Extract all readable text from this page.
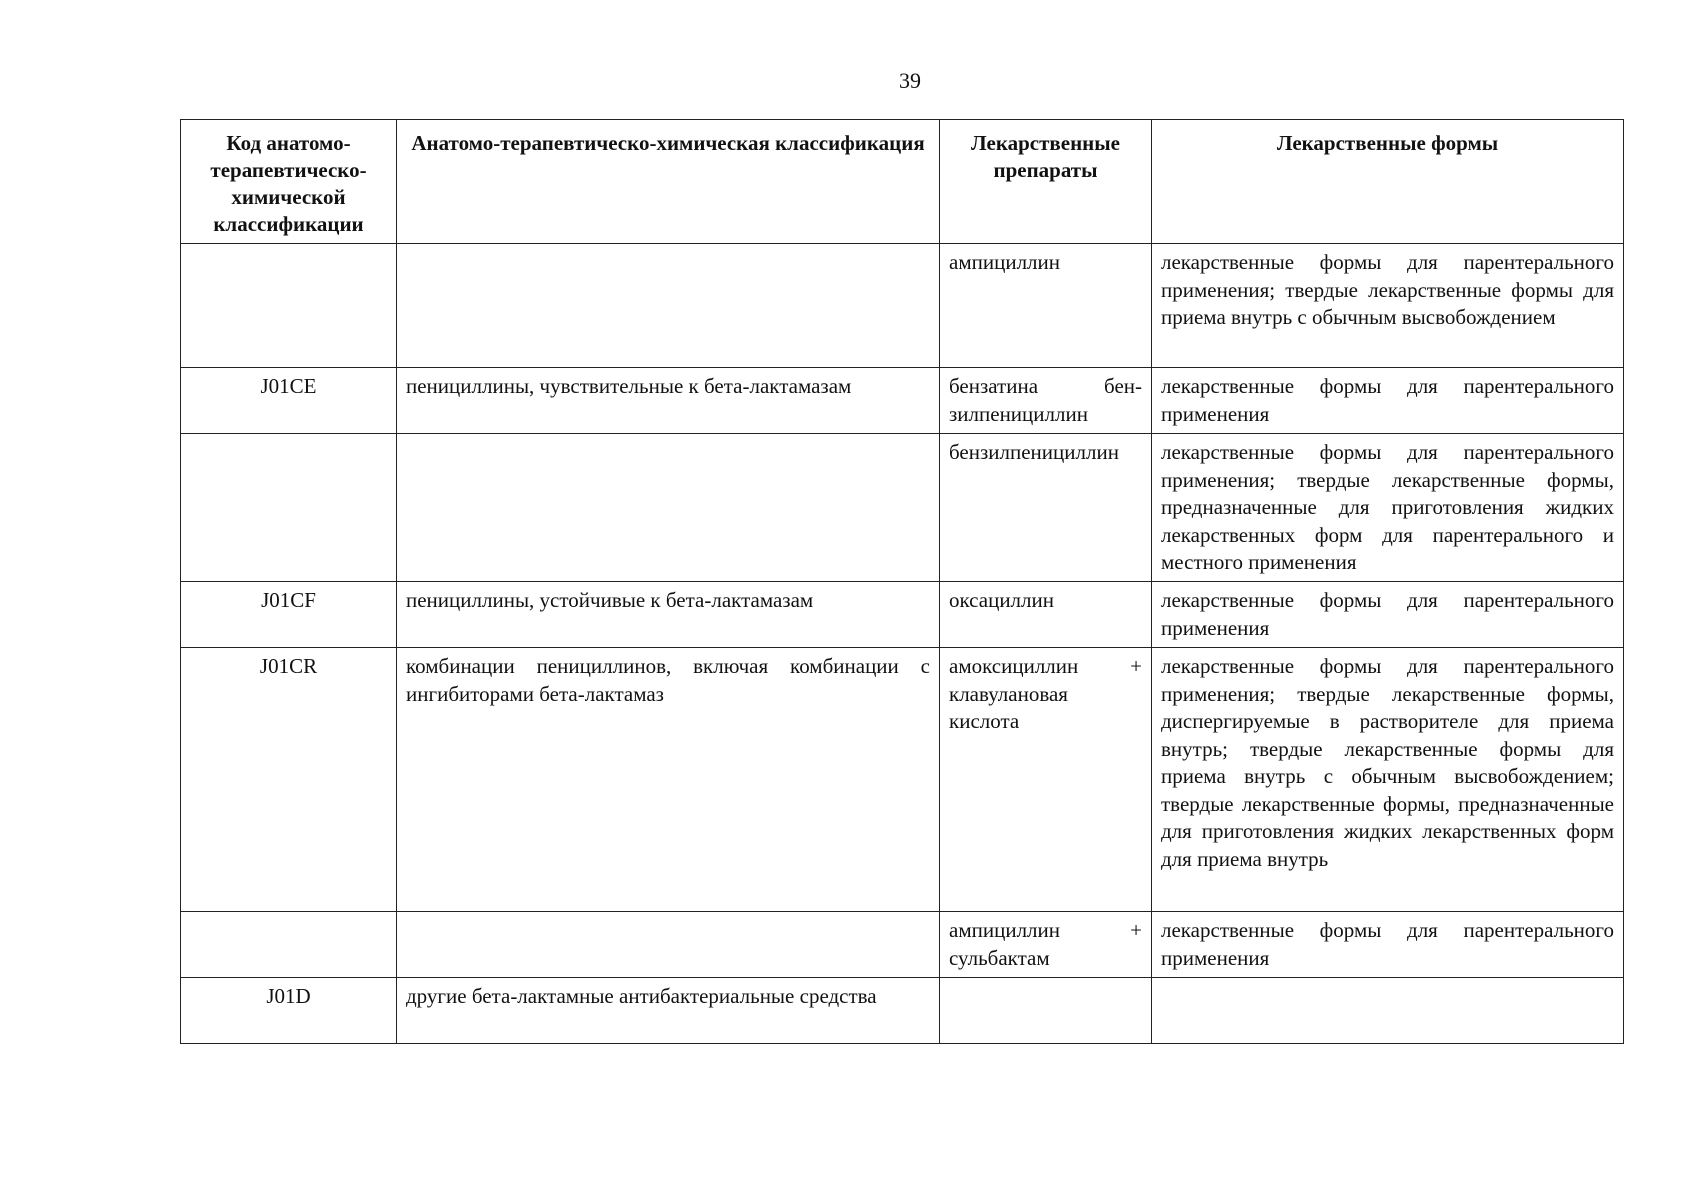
39
Код анатомо-терапевтическо-химической классификации	Анатомо-терапевтическо-химическая классификация	Лекарственные препараты	Лекарственные формы
		ампициллин	лекарственные формы для парентерального применения; твердые лекарственные формы для приема внутрь с обычным высвобождением
J01CE	пенициллины, чувствительные к бета-лактамазам	бензатина бензилпенициллин	лекарственные формы для парентерального применения
		бензилпенициллин	лекарственные формы для парентерального применения; твердые лекарственные формы, предназначенные для приготовления жидких лекарственных форм для парентерального и местного применения
J01CF	пенициллины, устойчивые к бета-лактамазам	оксациллин	лекарственные формы для парентерального применения
J01CR	комбинации пенициллинов, включая комбинации с ингибиторами бета-лактамаз	амоксициллин + клавулановая кислота	лекарственные формы для парентерального применения; твердые лекарственные формы, диспергируемые в растворителе для приема внутрь; твердые лекарственные формы для приема внутрь с обычным высвобождением; твердые лекарственные формы, предназначенные для приготовления жидких лекарственных форм для приема внутрь
		ампициллин + сульбактам	лекарственные формы для парентерального применения
J01D	другие бета-лактамные антибактериальные средства		
